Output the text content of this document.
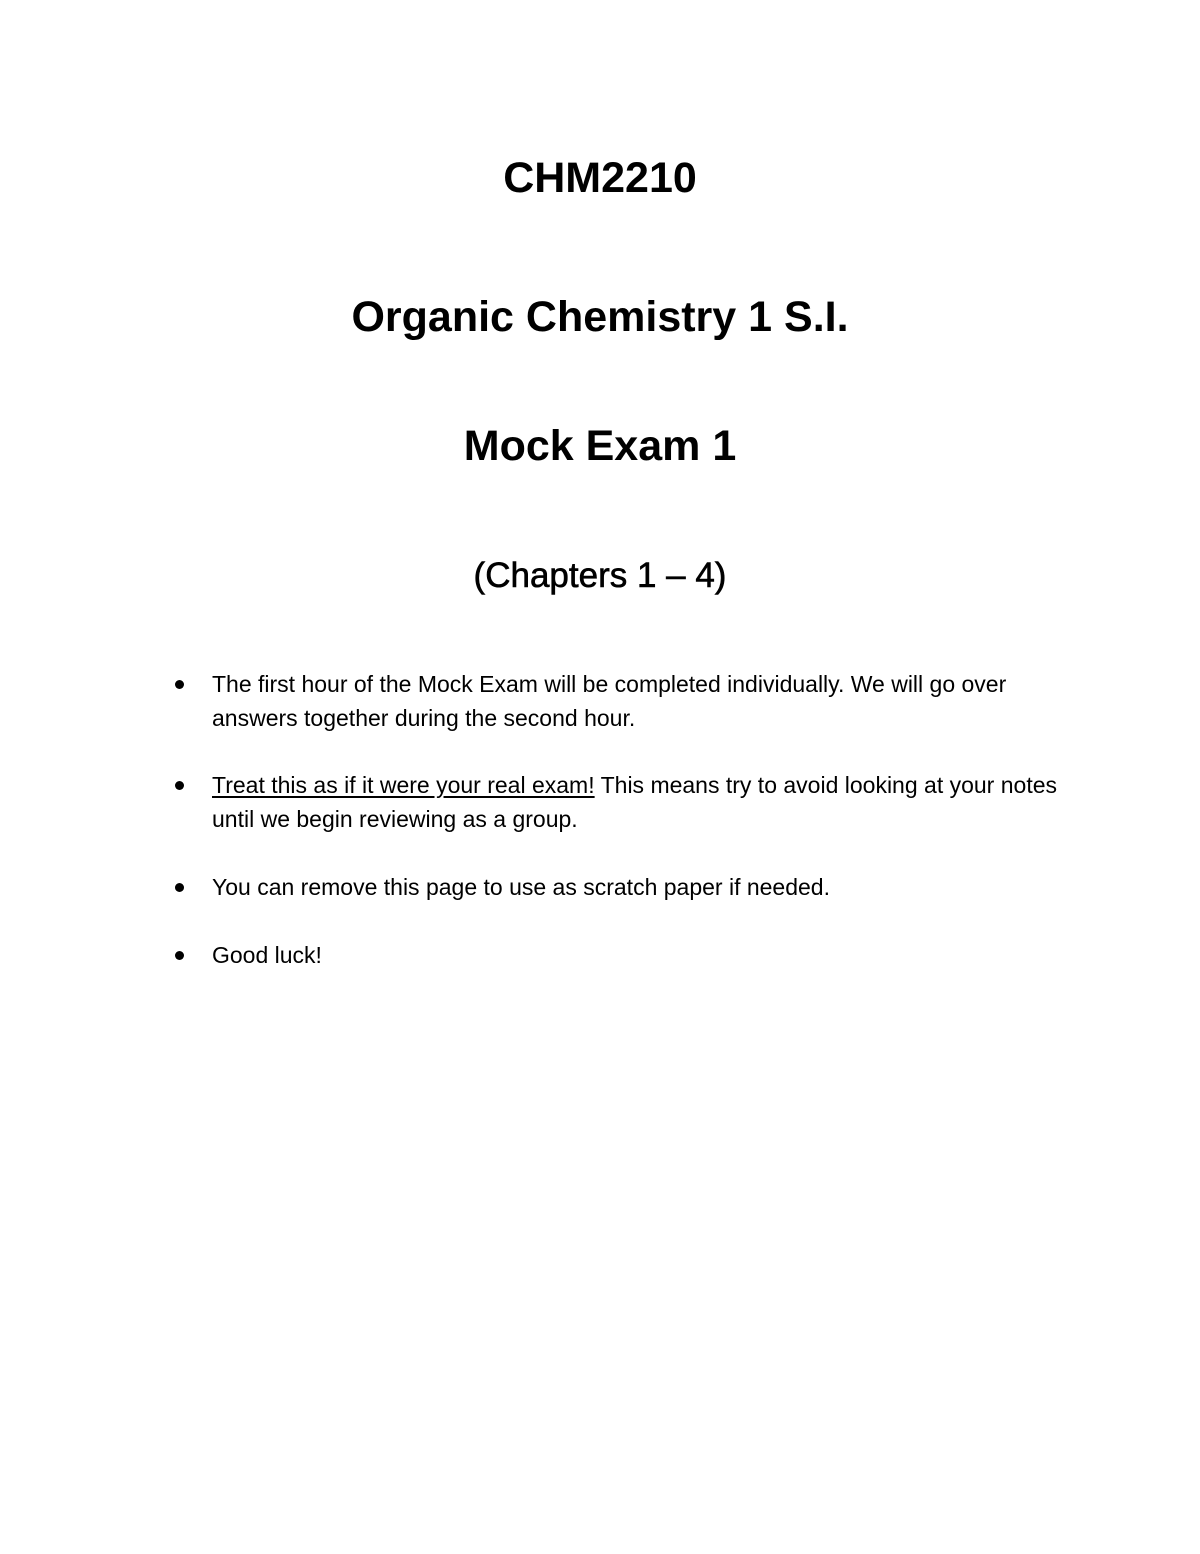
CHM2210
Organic Chemistry 1 S.I.
Mock Exam 1
(Chapters 1 – 4)
The first hour of the Mock Exam will be completed individually. We will go over answers together during the second hour.
Treat this as if it were your real exam! This means try to avoid looking at your notes until we begin reviewing as a group.
You can remove this page to use as scratch paper if needed.
Good luck!
